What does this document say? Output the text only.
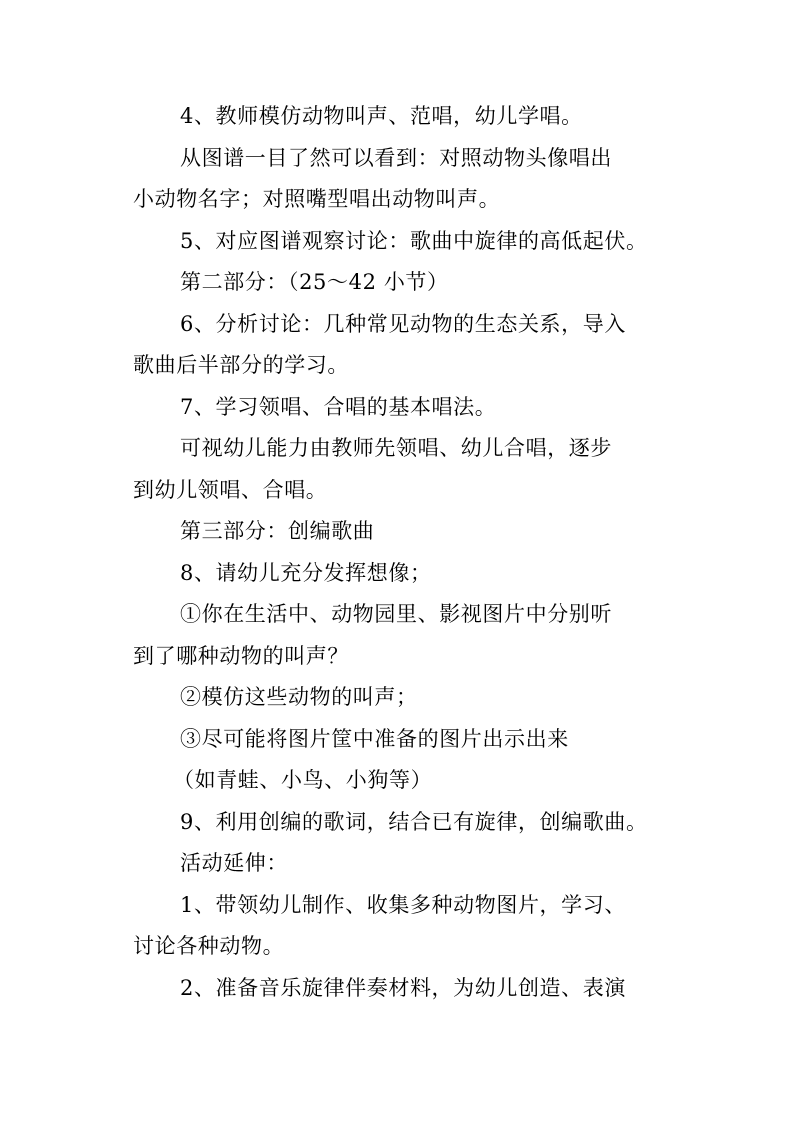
4、教师模仿动物叫声、范唱，幼儿学唱。

从图谱一目了然可以看到：对照动物头像唱出

小动物名字；对照嘴型唱出动物叫声。

5、对应图谱观察讨论：歌曲中旋律的高低起伏。

第二部分：（25～42 小节）

6、分析讨论：几种常见动物的生态关系，导入

歌曲后半部分的学习。

7、学习领唱、合唱的基本唱法。

可视幼儿能力由教师先领唱、幼儿合唱，逐步

到幼儿领唱、合唱。

第三部分：创编歌曲

8、请幼儿充分发挥想像；

①你在生活中、动物园里、影视图片中分别听

到了哪种动物的叫声？

②模仿这些动物的叫声；

③尽可能将图片筐中准备的图片出示出来

（如青蛙、小鸟、小狗等）

9、利用创编的歌词，结合已有旋律，创编歌曲。

活动延伸：

1、带领幼儿制作、收集多种动物图片，学习、

讨论各种动物。

2、准备音乐旋律伴奏材料，为幼儿创造、表演
